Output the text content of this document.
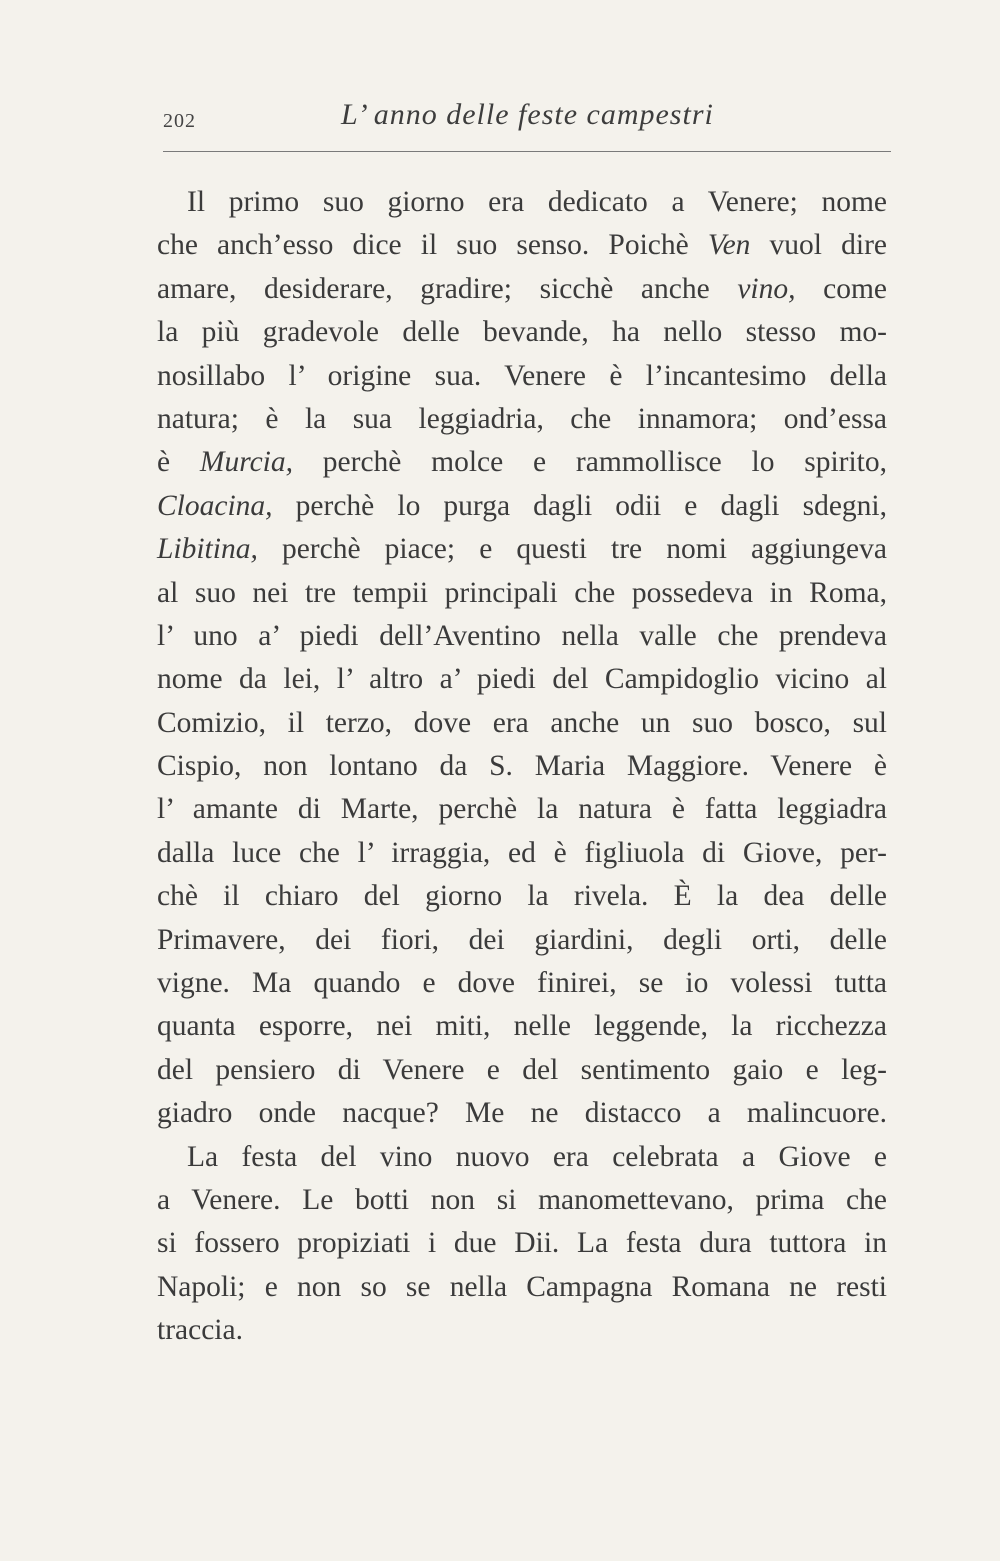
202	L’ anno delle feste campestri
Il primo suo giorno era dedicato a Venere; nome
che anch’esso dice il suo senso. Poichè Ven vuol dire
amare, desiderare, gradire; sicchè anche vino, come
la più gradevole delle bevande, ha nello stesso mo-
nosillabo l’ origine sua. Venere è l’incantesimo della
natura; è la sua leggiadria, che innamora; ond’essa
è Murcia, perchè molce e rammollisce lo spirito,
Cloacina, perchè lo purga dagli odii e dagli sdegni,
Libitina, perchè piace; e questi tre nomi aggiungeva
al suo nei tre tempii principali che possedeva in Roma,
l’ uno a’ piedi dell’Aventino nella valle che prendeva
nome da lei, l’ altro a’ piedi del Campidoglio vicino al
Comizio, il terzo, dove era anche un suo bosco, sul
Cispio, non lontano da S. Maria Maggiore. Venere è
l’ amante di Marte, perchè la natura è fatta leggiadra
dalla luce che l’ irraggia, ed è figliuola di Giove, per-
chè il chiaro del giorno la rivela. È la dea delle
Primavere, dei fiori, dei giardini, degli orti, delle
vigne. Ma quando e dove finirei, se io volessi tutta
quanta esporre, nei miti, nelle leggende, la ricchezza
del pensiero di Venere e del sentimento gaio e leg-
giadro onde nacque? Me ne distacco a malincuore.
La festa del vino nuovo era celebrata a Giove e
a Venere. Le botti non si manomettevano, prima che
si fossero propiziati i due Dii. La festa dura tuttora in
Napoli; e non so se nella Campagna Romana ne resti
traccia.
